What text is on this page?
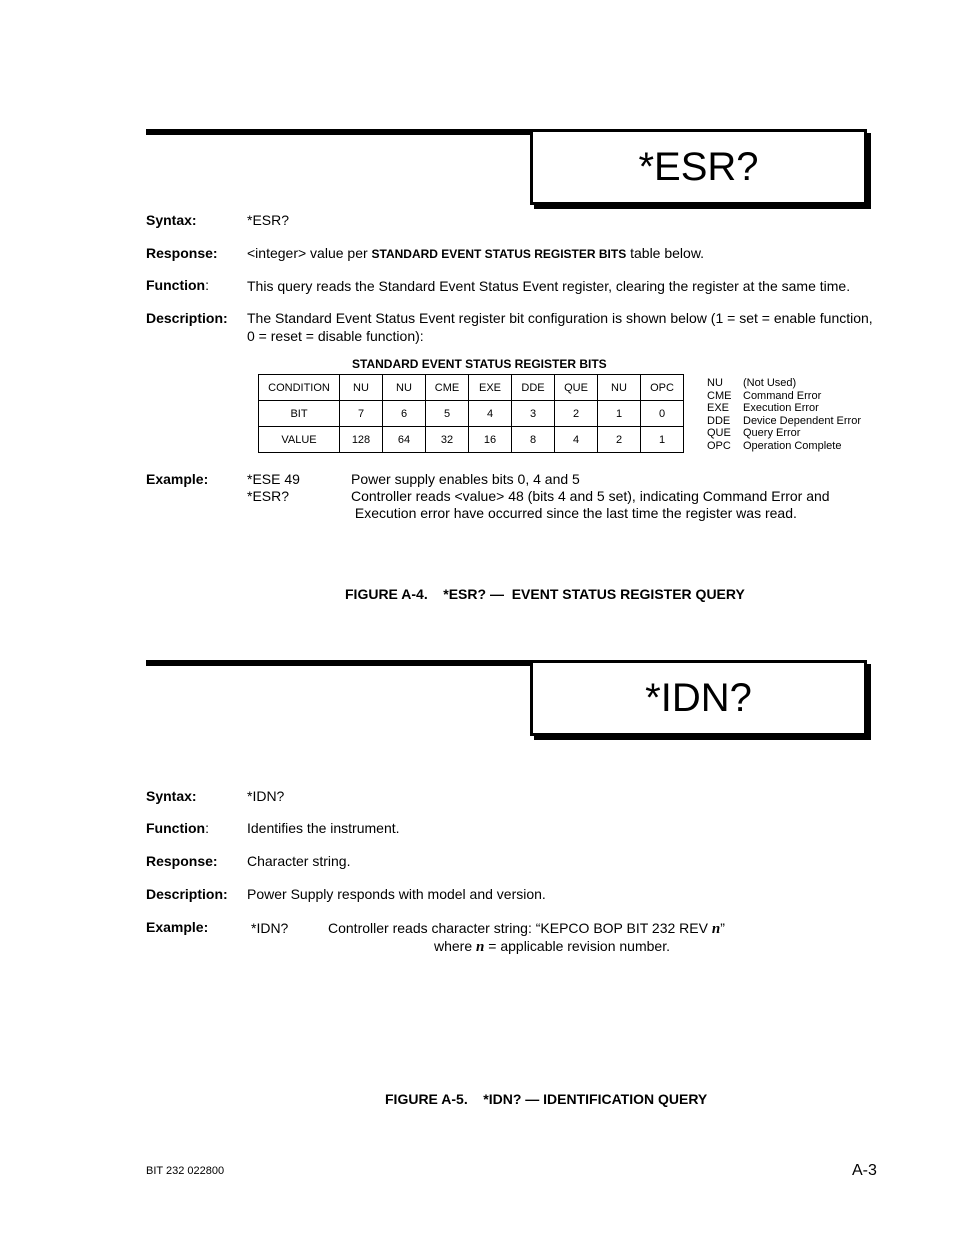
*ESR?
Syntax:	*ESR?
Response: <integer> value per STANDARD EVENT STATUS REGISTER BITS table below.
Function:	This query reads the Standard Event Status Event register, clearing the register at the same time.
Description: The Standard Event Status Event register bit configuration is shown below (1 = set = enable function,
0 = reset = disable function):
STANDARD EVENT STATUS REGISTER BITS
CONDITION	NU	NU	CME	EXE	DDE	QUE	NU	OPC
BIT	7	6	5	4	3	2	1	0
VALUE	128	64	32	16	8	4	2	1
NU (Not Used)
CME Command Error
EXE Execution Error
DDE Device Dependent Error
QUE Query Error
OPC Operation Complete
Example:	*ESE 49	Power supply enables bits 0, 4 and 5
*ESR?	Controller reads <value> 48 (bits 4 and 5 set), indicating Command Error and
Execution error have occurred since the last time the register was read.
FIGURE A-4.    *ESR? —  EVENT STATUS REGISTER QUERY
*IDN?
Syntax:	*IDN?
Function:	Identifies the instrument.
Response: Character string.
Description: Power Supply responds with model and version.
Example:	*IDN?	Controller reads character string: “KEPCO BOP BIT 232 REV n”
where n = applicable revision number.
FIGURE A-5.    *IDN? — IDENTIFICATION QUERY
BIT 232 022800	A-3
